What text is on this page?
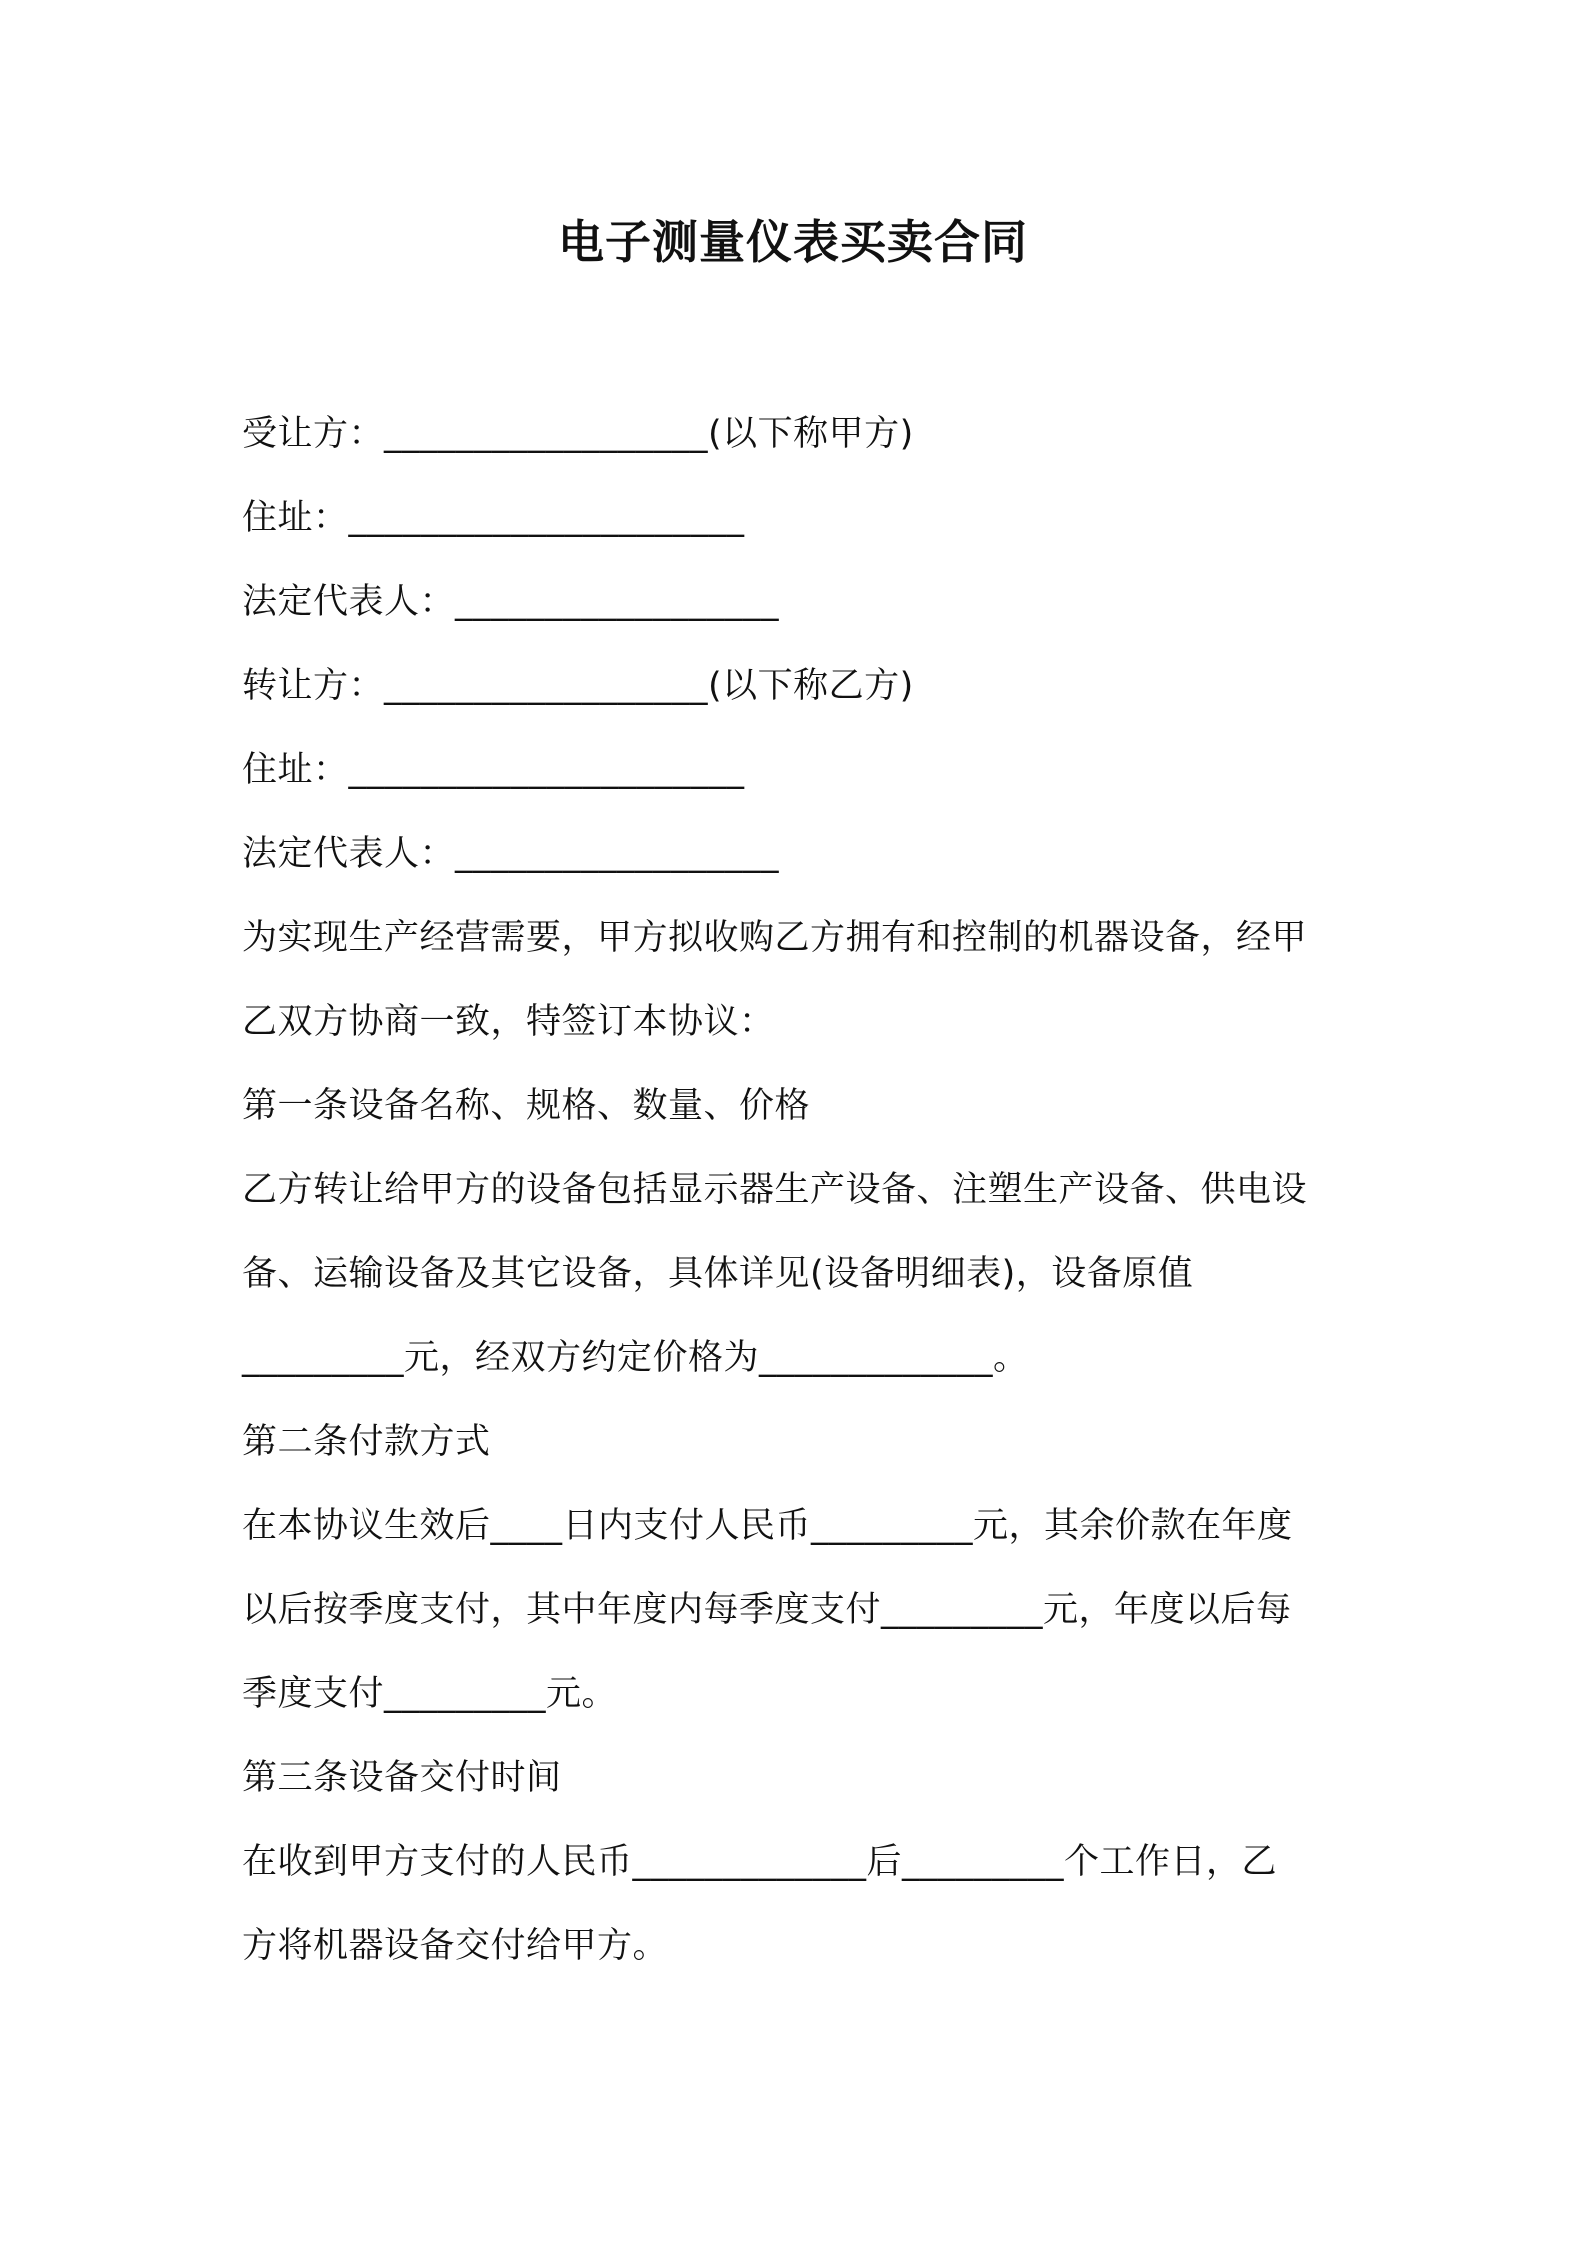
电子测量仪表买卖合同
受让方：__________________(以下称甲方)
住址：______________________
法定代表人：__________________
转让方：__________________(以下称乙方)
住址：______________________
法定代表人：__________________
为实现生产经营需要，甲方拟收购乙方拥有和控制的机器设备，经甲
乙双方协商一致，特签订本协议：
第一条设备名称、规格、数量、价格
乙方转让给甲方的设备包括显示器生产设备、注塑生产设备、供电设
备、运输设备及其它设备，具体详见(设备明细表)，设备原值
_________元，经双方约定价格为_____________。
第二条付款方式
在本协议生效后____日内支付人民币_________元，其余价款在年度
以后按季度支付，其中年度内每季度支付_________元，年度以后每
季度支付_________元。
第三条设备交付时间
在收到甲方支付的人民币_____________后_________个工作日，乙
方将机器设备交付给甲方。
